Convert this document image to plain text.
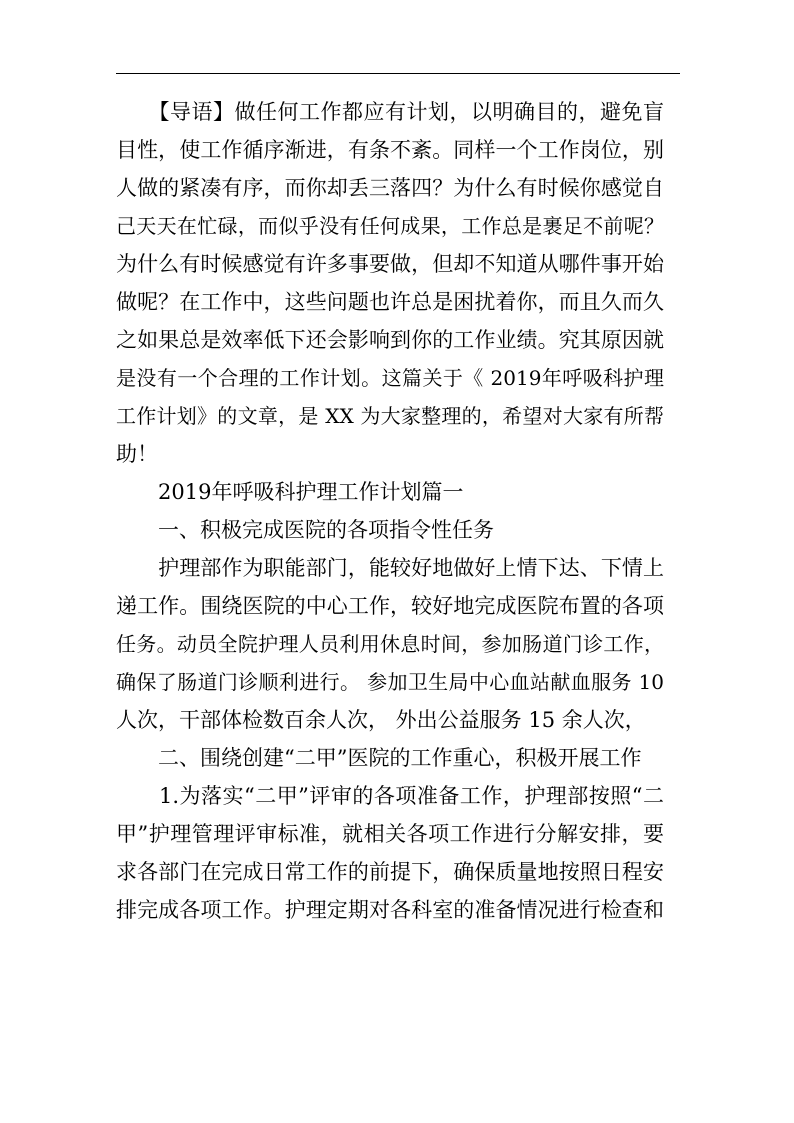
　　【导语】做任何工作都应有计划，以明确目的，避免盲
目性，使工作循序渐进，有条不紊。同样一个工作岗位，别
人做的紧凑有序，而你却丢三落四？为什么有时候你感觉自
己天天在忙碌，而似乎没有任何成果，工作总是裹足不前呢？
为什么有时候感觉有许多事要做，但却不知道从哪件事开始
做呢？在工作中，这些问题也许总是困扰着你，而且久而久
之如果总是效率低下还会影响到你的工作业绩。究其原因就
是没有一个合理的工作计划。这篇关于《 2019年呼吸科护理
工作计划》的文章，是 XX 为大家整理的，希望对大家有所帮
助！
　　2019年呼吸科护理工作计划篇一
　　一、积极完成医院的各项指令性任务
　　护理部作为职能部门，能较好地做好上情下达、下情上
递工作。围绕医院的中心工作，较好地完成医院布置的各项
任务。动员全院护理人员利用休息时间，参加肠道门诊工作，
确保了肠道门诊顺利进行。 参加卫生局中心血站献血服务 10
人次，干部体检数百余人次， 外出公益服务 15 余人次，
　　二、围绕创建“二甲”医院的工作重心，积极开展工作
　　1.为落实“二甲”评审的各项准备工作，护理部按照“二
甲”护理管理评审标准，就相关各项工作进行分解安排，要
求各部门在完成日常工作的前提下，确保质量地按照日程安
排完成各项工作。护理定期对各科室的准备情况进行检查和
